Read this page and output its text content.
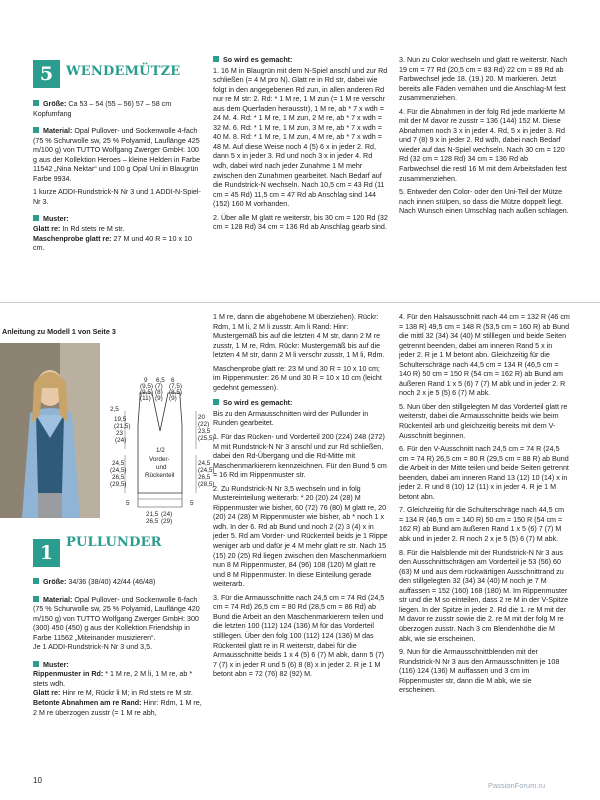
5 WENDEMÜTZE

Größe: Ca 53 – 54 (55 – 56) 57 – 58 cm Kopfumfang

Material: Opal Pullover- und Sockenwolle 4-fach (75 % Schurwolle sw, 25 % Polyamid, Lauflänge 425 m/100 g) von TUTTO Wolfgang Zwerger GmbH: 100 g aus der Kollektion Heroes – kleine Helden in Farbe 11542 „Nina Nektar“ und 100 g Opal Uni in Blaugrün Farbe 9934.

1 kurze ADDI-Rundstrick-N Nr 3 und 1 ADDI-N-Spiel-Nr 3.

Muster:

Glatt re: In Rd stets re M str.

Maschenprobe glatt re: 27 M und 40 R = 10 x 10 cm.

So wird es gemacht:

1. 16 M in Blaugrün mit dem N-Spiel anschl und zur Rd schließen (= 4 M pro N). Glatt re in Rd str, dabei wie folgt in den angegebenen Rd zun, in allen anderen Rd nur re M str: 2. Rd: * 1 M re, 1 M zun (= 1 M re verschr aus dem Querfaden herausstr), 1 M re, ab * 7 x wdh = 24 M. 4. Rd: * 1 M re, 1 M zun, 2 M re, ab * 7 x wdh = 32 M. 6. Rd: * 1 M re, 1 M zun, 3 M re, ab * 7 x wdh = 40 M. 8. Rd: * 1 M re, 1 M zun, 4 M re, ab * 7 x wdh = 48 M. Auf diese Weise noch 4 (5) 6 x in jeder 2. Rd, dann 5 x in jeder 3. Rd und noch 3 x in jeder 4. Rd wdh, dabei wird nach jeder Zunahme 1 M mehr zwischen den Zunahmen gearbeitet. Nach Bedarf auf die Rundstrick-N wechseln. Nach 10,5 cm = 43 Rd (11 cm = 45 Rd) 11,5 cm = 47 Rd ab Anschlag sind 144 (152) 160 M vorhanden.

2. Über alle M glatt re weiterstr, bis 30 cm = 120 Rd (32 cm = 128 Rd) 34 cm = 136 Rd ab Anschlag gearb sind.

3. Nun zu Color wechseln und glatt re weiterstr. Nach 19 cm = 77 Rd (20,5 cm = 83 Rd) 22 cm = 89 Rd ab Farbwechsel jede 18. (19.) 20. M markieren. Jetzt bereits alle Fäden vernähen und die Anschlag-M fest zusammenziehen.

4. Für die Abnahmen in der folg Rd jede markierte M mit der M davor re zusstr = 136 (144) 152 M. Diese Abnahmen noch 3 x in jeder 4. Rd, 5 x in jeder 3. Rd und 7 (8) 9 x in jeder 2. Rd wdh, dabei nach Bedarf wieder auf das N-Spiel wechseln. Nach 30 cm = 120 Rd (32 cm = 128 Rd) 34 cm = 136 Rd ab Farbwechsel die restl 16 M mit dem Arbeitsfaden fest zusammenziehen.

5. Entweder den Color- oder den Uni-Teil der Mütze nach innen stülpen, so dass die Mütze doppelt liegt. Nach Wunsch einen Umschlag nach außen schlagen.

Anleitung zu Modell 1 von Seite 3
9 6,5 6
(9,5) (7) (7,5)
(9,5) (8) (8,5)
(11) (9) (9)
2,5
19,5
(21,5)
23
(24)
20
(22)
23,5
(25,5)
24,5
(24,5)
26,5
(29,5)
24,5
(24,5)
26,5
(28,5)
1/2
Vorder-
und
Rückenteil
5	5
21,5 (24)
26,5 (29)
1 PULLUNDER

Größe: 34/36 (38/40) 42/44 (46/48)

Material: Opal Pullover- und Sockenwolle 6-fach (75 % Schurwolle sw, 25 % Polyamid, Lauflänge 420 m/150 g) von TUTTO Wolfgang Zwerger GmbH: 300 (300) 450 (450) g aus der Kollektion Friendship in Farbe 11562 „Miteinander musizieren“.

Je 1 ADDI-Rundstrick-N Nr 3 und 3,5.

Muster:

Rippenmuster in Rd: * 1 M re, 2 M li, 1 M re, ab * stets wdh.

Glatt re: Hinr re M, Rückr li M; in Rd stets re M str.

Betonte Abnahmen am re Rand: Hinr: Rdm, 1 M re, 2 M re überzogen zusstr (= 1 M re abh,

1 M re, dann die abgehobene M überziehen). Rückr: Rdm, 1 M li, 2 M li zusstr. Am li Rand: Hinr: Mustergemäß bis auf die letzten 4 M str, dann 2 M re zusstr, 1 M re, Rdm. Rückr: Mustergemäß bis auf die letzten 4 M str, dann 2 M li verschr zusstr, 1 M li, Rdm.

Maschenprobe glatt re: 23 M und 30 R = 10 x 10 cm; im Rippenmuster: 26 M und 30 R = 10 x 10 cm (leicht gedehnt gemessen).

So wird es gemacht:

Bis zu den Armausschnitten wird der Pullunder in Runden gearbeitet.

1. Für das Rücken- und Vorderteil 200 (224) 248 (272) M mit Rundstrick-N Nr 3 anschl und zur Rd schließen, dabei den Rd-Übergang und die Rd-Mitte mit Maschenmarkierern kennzeichnen. Für den Bund 5 cm = 16 Rd im Rippenmuster str.

2. Zu Rundstrick-N Nr 3,5 wechseln und in folg Mustereinteilung weiterarb: * 20 (20) 24 (28) M Rippenmuster wie bisher, 60 (72) 76 (80) M glatt re, 20 (20) 24 (28) M Rippenmuster wie bisher, ab * noch 1 x wdh. In der 6. Rd ab Bund und noch 2 (2) 3 (4) x in jeder 5. Rd am Vorder- und Rückenteil beids je 1 Rippe weniger arb und dafür je 4 M mehr glatt re str. Nach 15 (15) 20 (25) Rd liegen zwischen den Maschenmarkiern nun 8 M Rippenmuster, 84 (96) 108 (120) M glatt re und 8 M Rippenmuster. In diese Einteilung gerade weiterarb.

3. Für die Armausschnitte nach 24,5 cm = 74 Rd (24,5 cm = 74 Rd) 26,5 cm = 80 Rd (28,5 cm = 86 Rd) ab Bund die Arbeit an den Maschenmarkierern teilen und die letzten 100 (112) 124 (136) M für das Vorderteil stilllegen. Über den folg 100 (112) 124 (136) M das Rückenteil glatt re in R weiterstr, dabei für die Armausschnitte beids 1 x 4 (5) 6 (7) M abk, dann 5 (7) 7 (7) x in jeder R und 5 (6) 8 (8) x in jeder 2. R je 1 M betont abn = 72 (76) 82 (92) M.

4. Für den Halsausschnitt nach 44 cm = 132 R (46 cm = 138 R) 49,5 cm = 148 R (53,5 cm = 160 R) ab Bund die mittl 32 (34) 34 (40) M stilllegen und beide Seiten getrennt beenden, dabei am inneren Rand 5 x in jeder 2. R je 1 M betont abn. Gleichzeitig für die Schulterschräge nach 44,5 cm = 134 R (46,5 cm = 140 R) 50 cm = 150 R (54 cm = 162 R) ab Bund am äußeren Rand 1 x 5 (6) 7 (7) M abk und in jeder 2. R noch 2 x je 5 (5) 6 (7) M abk.

5. Nun über den stillgelegten M das Vorderteil glatt re weiterstr, dabei die Armausschnitte beids wie beim Rückenteil arb und gleichzeitig bereits mit dem V-Ausschnitt beginnen.

6. Für den V-Ausschnitt nach 24,5 cm = 74 R (24,5 cm = 74 R) 26,5 cm = 80 R (29,5 cm = 88 R) ab Bund die Arbeit in der Mitte teilen und beide Seiten getrennt beenden, dabei am inneren Rand 13 (12) 10 (14) x in jeder 2. R und 8 (10) 12 (11) x in jeder 4. R je 1 M betont abn.

7. Gleichzeitig für die Schulterschräge nach 44,5 cm = 134 R (46,5 cm = 140 R) 50 cm = 150 R (54 cm = 162 R) ab Bund am äußeren Rand 1 x 5 (6) 7 (7) M abk und in jeder 2. R noch 2 x je 5 (5) 6 (7) M abk.

8. Für die Halsblende mit der Rundstrick-N Nr 3 aus den Ausschnittschrägen am Vorderteil je 53 (56) 60 (63) M und aus dem rückwärtigen Ausschnittrand zu den stillgelegten 32 (34) 34 (40) M noch je 7 M auffassen = 152 (160) 168 (180) M. Im Rippenmuster str und die M so einteilen, dass 2 re M in der V-Spitze liegen. In der Spitze in jeder 2. Rd die 1. re M mit der M davor re zusstr sowie die 2. re M mit der folg M re überzogen zusstr. Nach 3 cm Blendenhöhe die M abk, wie sie erscheinen.

9. Nun für die Armausschnittblenden mit der Rundstrick-N Nr 3 aus den Armausschnitten je 108 (116) 124 (136) M auffassen und 3 cm im Rippenmuster str, dann die M abk, wie sie erscheinen.

10
PassionForum.ru
